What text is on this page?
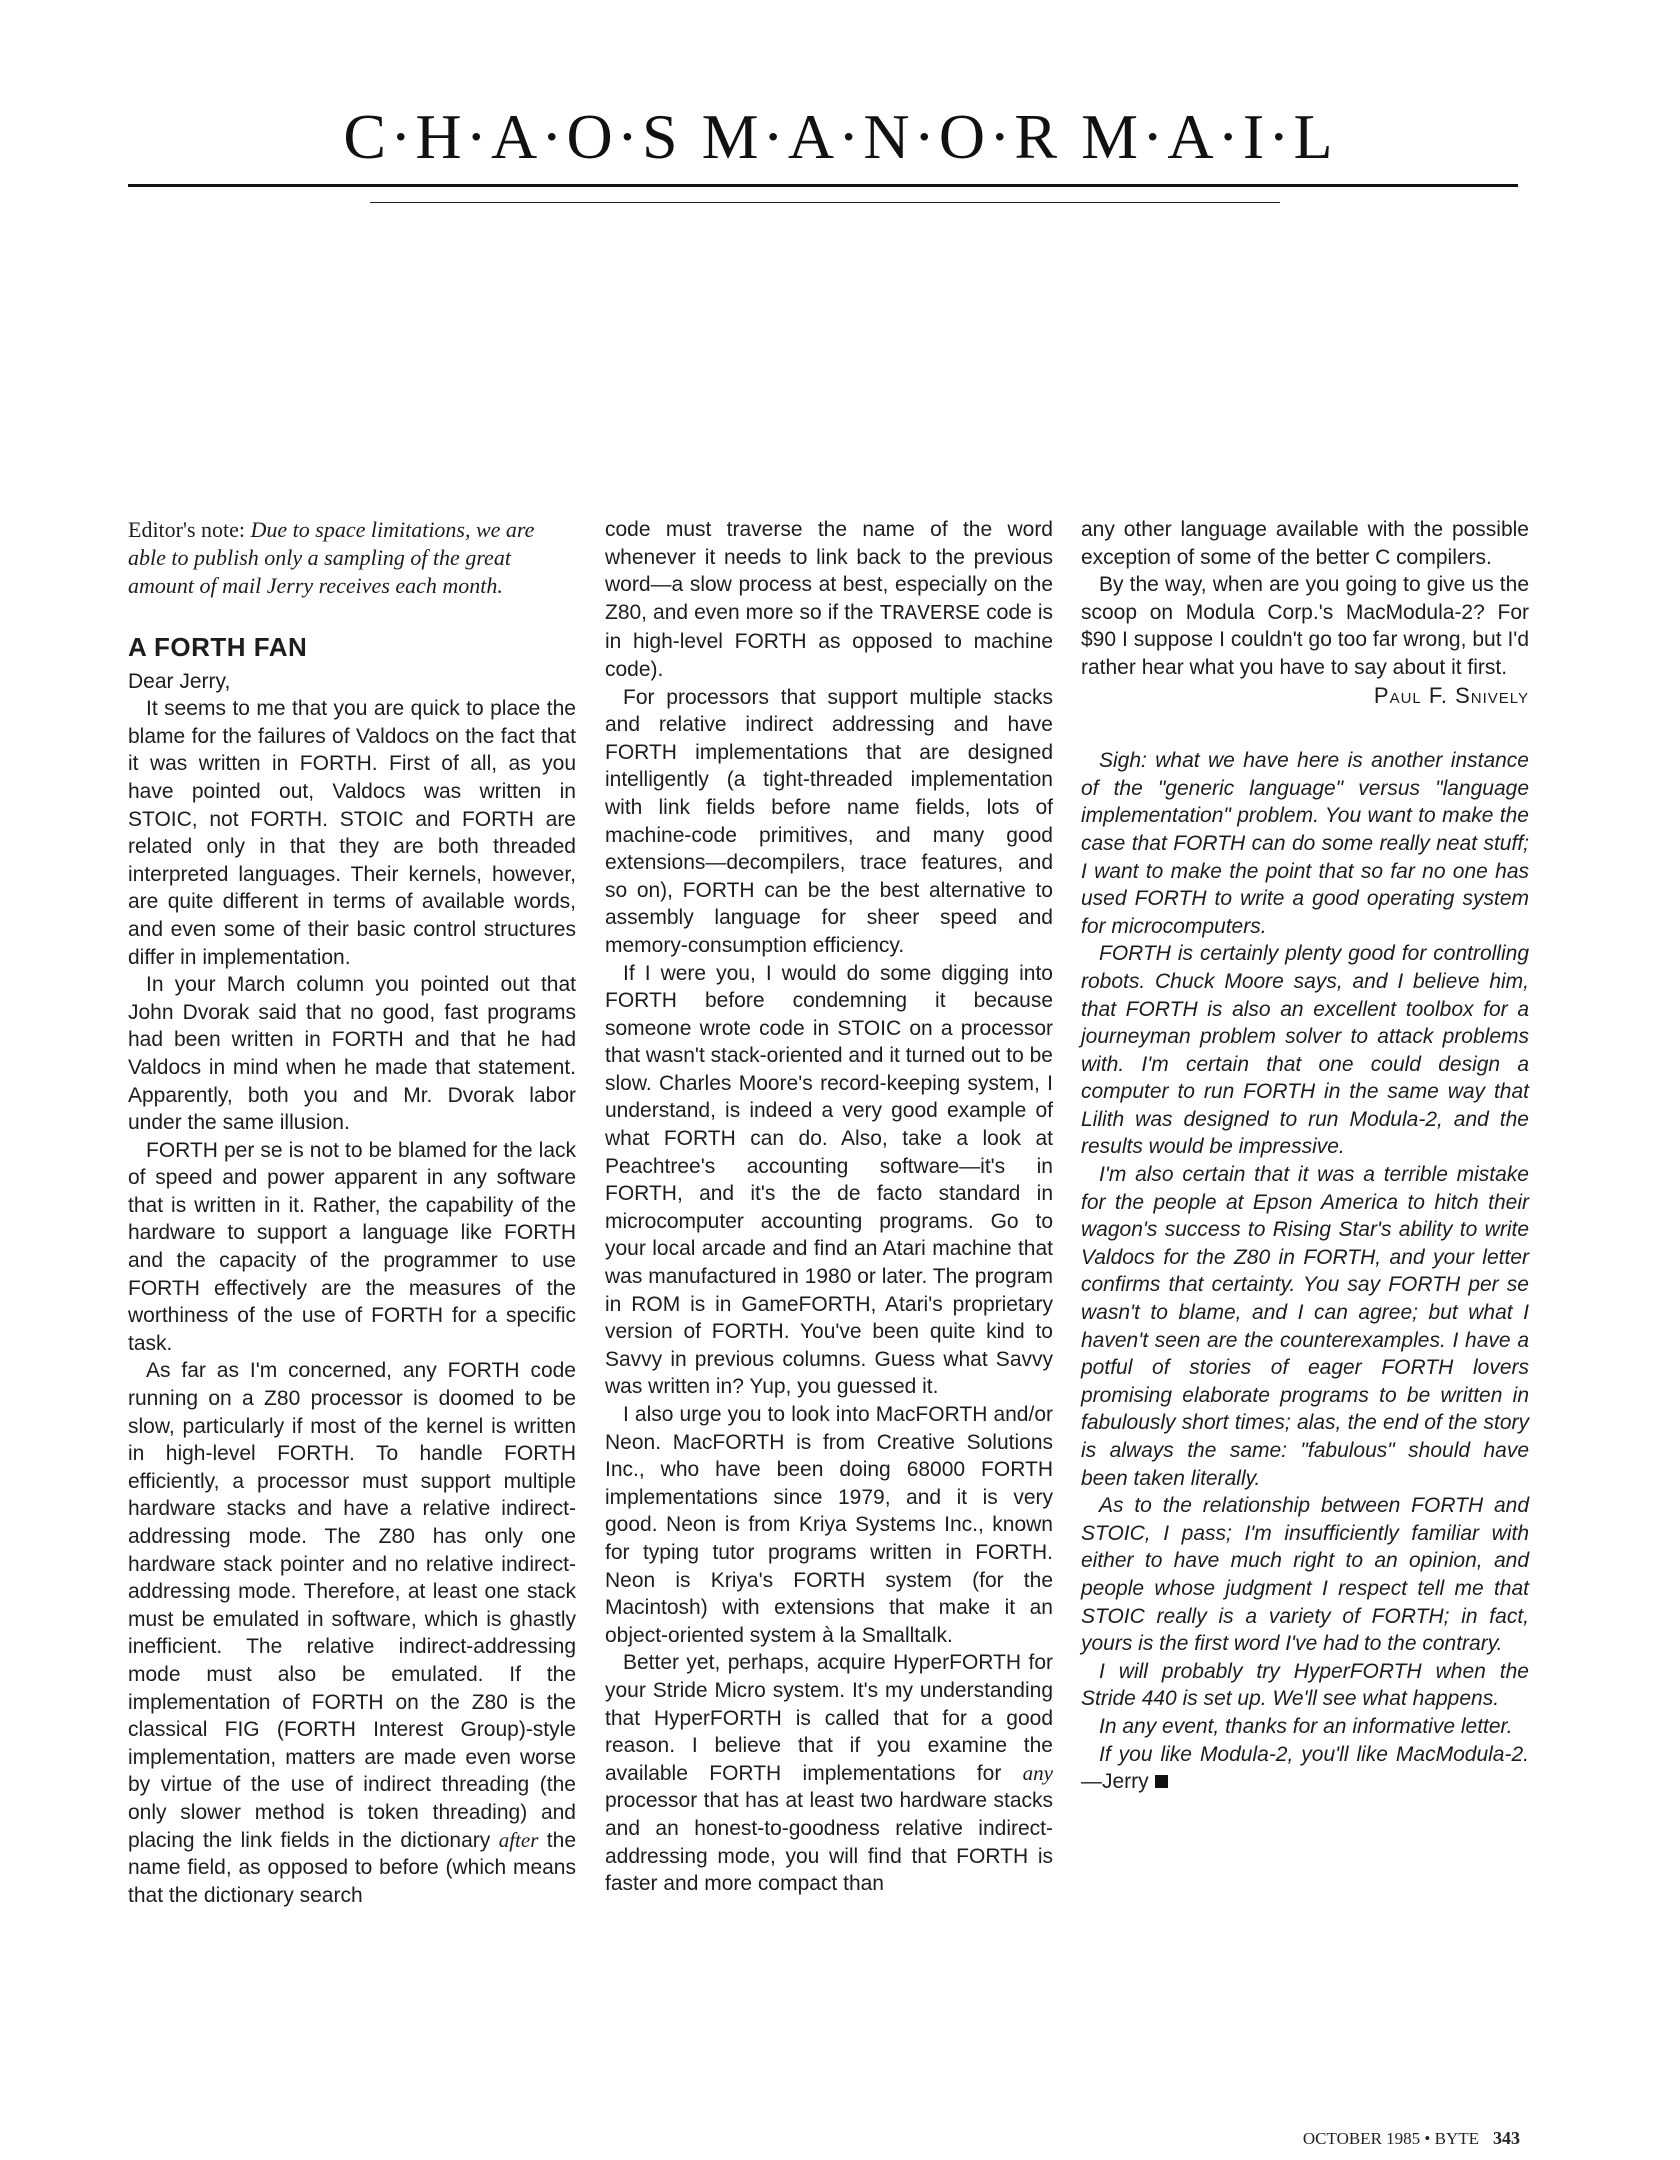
C·H·A·O·S M·A·N·O·R M·A·I·L

Editor's note: Due to space limitations, we are able to publish only a sampling of the great amount of mail Jerry receives each month.

A FORTH FAN

Dear Jerry,

It seems to me that you are quick to place the blame for the failures of Valdocs on the fact that it was written in FORTH. First of all, as you have pointed out, Valdocs was written in STOIC, not FORTH. STOIC and FORTH are related only in that they are both threaded interpreted languages. Their kernels, however, are quite different in terms of available words, and even some of their basic control structures differ in implementation.

In your March column you pointed out that John Dvorak said that no good, fast programs had been written in FORTH and that he had Valdocs in mind when he made that statement. Apparently, both you and Mr. Dvorak labor under the same illusion.

FORTH per se is not to be blamed for the lack of speed and power apparent in any software that is written in it. Rather, the capability of the hardware to support a language like FORTH and the capacity of the programmer to use FORTH effectively are the measures of the worthiness of the use of FORTH for a specific task.

As far as I'm concerned, any FORTH code running on a Z80 processor is doomed to be slow, particularly if most of the kernel is written in high-level FORTH. To handle FORTH efficiently, a processor must support multiple hardware stacks and have a relative indirect-addressing mode. The Z80 has only one hardware stack pointer and no relative indirect-addressing mode. Therefore, at least one stack must be emulated in software, which is ghastly inefficient. The relative indirect-addressing mode must also be emulated. If the implementation of FORTH on the Z80 is the classical FIG (FORTH Interest Group)-style implementation, matters are made even worse by virtue of the use of indirect threading (the only slower method is token threading) and placing the link fields in the dictionary after the name field, as opposed to before (which means that the dictionary search

code must traverse the name of the word whenever it needs to link back to the previous word—a slow process at best, especially on the Z80, and even more so if the TRAVERSE code is in high-level FORTH as opposed to machine code).

For processors that support multiple stacks and relative indirect addressing and have FORTH implementations that are designed intelligently (a tight-threaded implementation with link fields before name fields, lots of machine-code primitives, and many good extensions—decompilers, trace features, and so on), FORTH can be the best alternative to assembly language for sheer speed and memory-consumption efficiency.

If I were you, I would do some digging into FORTH before condemning it because someone wrote code in STOIC on a processor that wasn't stack-oriented and it turned out to be slow. Charles Moore's record-keeping system, I understand, is indeed a very good example of what FORTH can do. Also, take a look at Peachtree's accounting software—it's in FORTH, and it's the de facto standard in microcomputer accounting programs. Go to your local arcade and find an Atari machine that was manufactured in 1980 or later. The program in ROM is in GameFORTH, Atari's proprietary version of FORTH. You've been quite kind to Savvy in previous columns. Guess what Savvy was written in? Yup, you guessed it.

I also urge you to look into MacFORTH and/or Neon. MacFORTH is from Creative Solutions Inc., who have been doing 68000 FORTH implementations since 1979, and it is very good. Neon is from Kriya Systems Inc., known for typing tutor programs written in FORTH. Neon is Kriya's FORTH system (for the Macintosh) with extensions that make it an object-oriented system à la Smalltalk.

Better yet, perhaps, acquire HyperFORTH for your Stride Micro system. It's my understanding that HyperFORTH is called that for a good reason. I believe that if you examine the available FORTH implementations for any processor that has at least two hardware stacks and an honest-to-goodness relative indirect-addressing mode, you will find that FORTH is faster and more compact than

any other language available with the possible exception of some of the better C compilers.

By the way, when are you going to give us the scoop on Modula Corp.'s MacModula-2? For $90 I suppose I couldn't go too far wrong, but I'd rather hear what you have to say about it first.

Paul F. Snively

Sigh: what we have here is another instance of the "generic language" versus "language implementation" problem. You want to make the case that FORTH can do some really neat stuff; I want to make the point that so far no one has used FORTH to write a good operating system for microcomputers.

FORTH is certainly plenty good for controlling robots. Chuck Moore says, and I believe him, that FORTH is also an excellent toolbox for a journeyman problem solver to attack problems with. I'm certain that one could design a computer to run FORTH in the same way that Lilith was designed to run Modula-2, and the results would be impressive.

I'm also certain that it was a terrible mistake for the people at Epson America to hitch their wagon's success to Rising Star's ability to write Valdocs for the Z80 in FORTH, and your letter confirms that certainty. You say FORTH per se wasn't to blame, and I can agree; but what I haven't seen are the counterexamples. I have a potful of stories of eager FORTH lovers promising elaborate programs to be written in fabulously short times; alas, the end of the story is always the same: "fabulous" should have been taken literally.

As to the relationship between FORTH and STOIC, I pass; I'm insufficiently familiar with either to have much right to an opinion, and people whose judgment I respect tell me that STOIC really is a variety of FORTH; in fact, yours is the first word I've had to the contrary.

I will probably try HyperFORTH when the Stride 440 is set up. We'll see what happens.

In any event, thanks for an informative letter.

If you like Modula-2, you'll like MacModula-2.—Jerry

OCTOBER 1985 • BYTE 343
